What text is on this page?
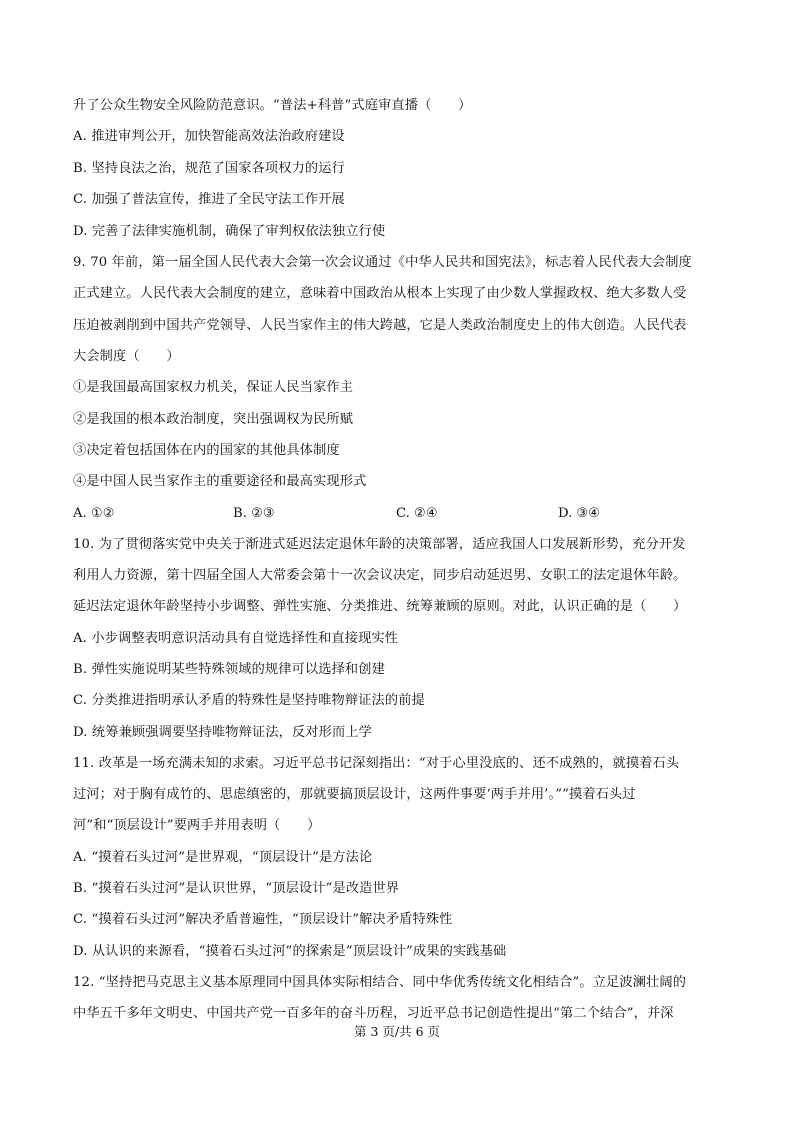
升了公众生物安全风险防范意识。“普法+科普”式庭审直播（　　）
A. 推进审判公开，加快智能高效法治政府建设
B. 坚持良法之治，规范了国家各项权力的运行
C. 加强了普法宣传，推进了全民守法工作开展
D. 完善了法律实施机制，确保了审判权依法独立行使
9. 70 年前，第一届全国人民代表大会第一次会议通过《中华人民共和国宪法》，标志着人民代表大会制度
正式建立。人民代表大会制度的建立，意味着中国政治从根本上实现了由少数人掌握政权、绝大多数人受
压迫被剥削到中国共产党领导、人民当家作主的伟大跨越，它是人类政治制度史上的伟大创造。人民代表
大会制度（　　）
①是我国最高国家权力机关，保证人民当家作主
②是我国的根本政治制度，突出强调权为民所赋
③决定着包括国体在内的国家的其他具体制度
④是中国人民当家作主的重要途径和最高实现形式
A. ①②	B. ②③	C. ②④	D. ③④
10. 为了贯彻落实党中央关于渐进式延迟法定退休年龄的决策部署，适应我国人口发展新形势，充分开发
利用人力资源，第十四届全国人大常委会第十一次会议决定，同步启动延迟男、女职工的法定退休年龄。
延迟法定退休年龄坚持小步调整、弹性实施、分类推进、统筹兼顾的原则。对此，认识正确的是（　　）
A. 小步调整表明意识活动具有自觉选择性和直接现实性
B. 弹性实施说明某些特殊领域的规律可以选择和创建
C. 分类推进指明承认矛盾的特殊性是坚持唯物辩证法的前提
D. 统筹兼顾强调要坚持唯物辩证法，反对形而上学
11. 改革是一场充满未知的求索。习近平总书记深刻指出：“对于心里没底的、还不成熟的，就摸着石头
过河；对于胸有成竹的、思虑缜密的，那就要搞顶层设计，这两件事要‘两手并用’。”“摸着石头过
河”和“顶层设计”要两手并用表明（　　）
A. “摸着石头过河”是世界观，“顶层设计”是方法论
B. “摸着石头过河”是认识世界，“顶层设计”是改造世界
C. “摸着石头过河”解决矛盾普遍性，“顶层设计”解决矛盾特殊性
D. 从认识的来源看，“摸着石头过河”的探索是“顶层设计”成果的实践基础
12. “坚持把马克思主义基本原理同中国具体实际相结合、同中华优秀传统文化相结合”。立足波澜壮阔的
中华五千多年文明史、中国共产党一百多年的奋斗历程，习近平总书记创造性提出“第二个结合”，并深
第 3 页/共 6 页
